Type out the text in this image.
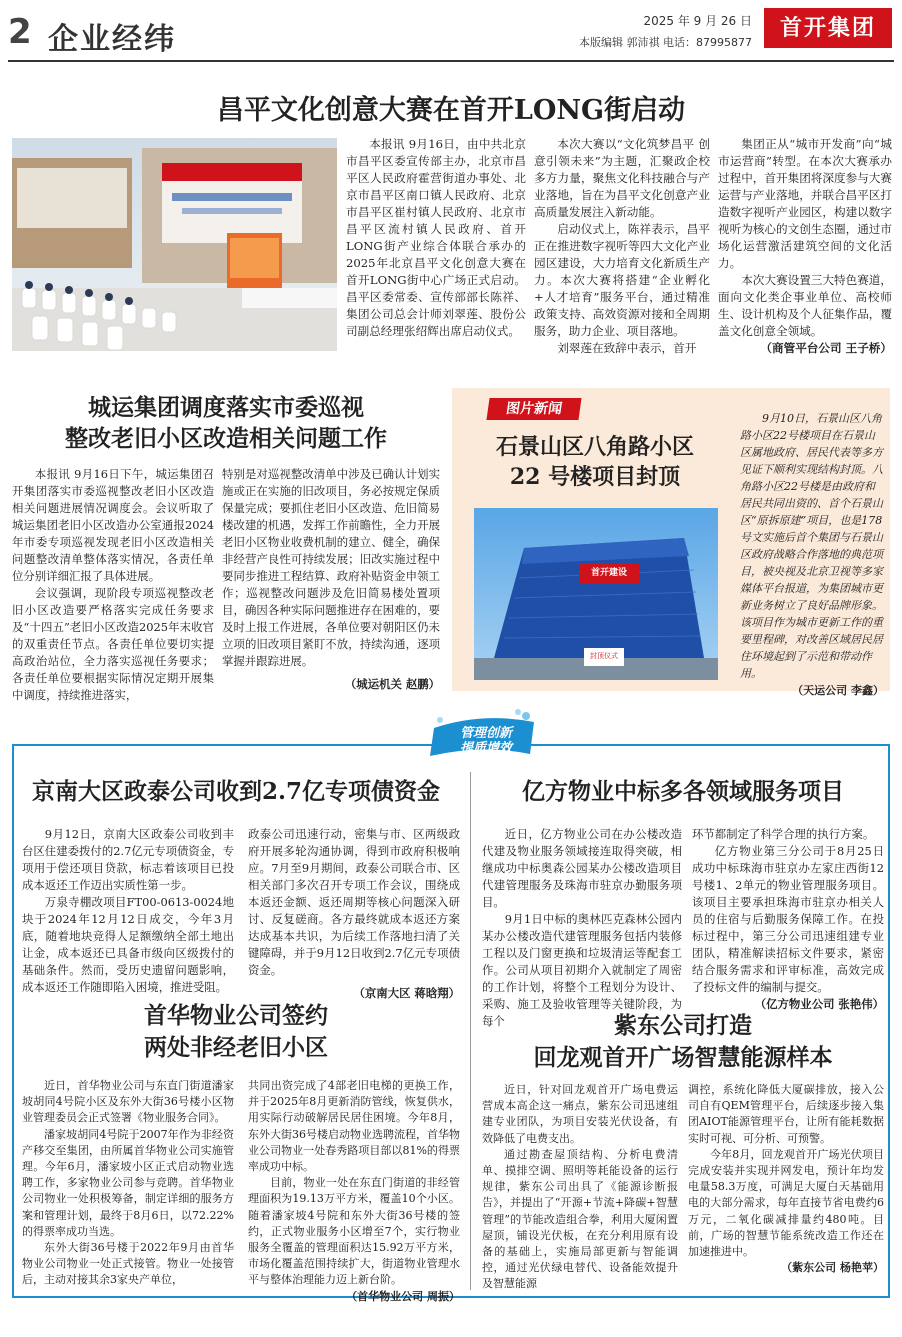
2 企业经纬
2025 年 9 月 26 日
本版编辑 郭沛祺 电话：87995877
首开集团
昌平文化创意大赛在首开LONG街启动

本报讯 9月16日，由中共北京市昌平区委宣传部主办，北京市昌平区人民政府霍营街道办事处、北京市昌平区南口镇人民政府、北京市昌平区崔村镇人民政府、北京市昌平区流村镇人民政府、首开LONG街产业综合体联合承办的2025年北京昌平文化创意大赛在首开LONG街中心广场正式启动。昌平区委常委、宣传部部长陈祥、集团公司总会计师刘翠莲、股份公司副总经理张绍辉出席启动仪式。

本次大赛以“文化筑梦昌平 创意引领未来”为主题，汇聚政企校多方力量，聚焦文化科技融合与产业落地，旨在为昌平文化创意产业高质量发展注入新动能。

启动仪式上，陈祥表示，昌平正在推进数字视听等四大文化产业园区建设，大力培育文化新质生产力。本次大赛将搭建“企业孵化+人才培育”服务平台，通过精准政策支持、高效资源对接和全周期服务，助力企业、项目落地。

刘翠莲在致辞中表示，首开

集团正从“城市开发商”向“城市运营商”转型。在本次大赛承办过程中，首开集团将深度参与大赛运营与产业落地，并联合昌平区打造数字视听产业园区，构建以数字视听为核心的文创生态圈，通过市场化运营激活建筑空间的文化活力。

本次大赛设置三大特色赛道，面向文化类企事业单位、高校师生、设计机构及个人征集作品，覆盖文化创意全领域。

（商管平台公司 王子桥）
城运集团调度落实市委巡视
整改老旧小区改造相关问题工作

本报讯 9月16日下午，城运集团召开集团落实市委巡视整改老旧小区改造相关问题进展情况调度会。会议听取了城运集团老旧小区改造办公室通报2024年市委专项巡视发现老旧小区改造相关问题整改清单整体落实情况，各责任单位分别详细汇报了具体进展。

会议强调，现阶段专项巡视整改老旧小区改造要严格落实完成任务要求及“十四五”老旧小区改造2025年末收官的双重责任节点。各责任单位要切实提高政治站位，全力落实巡视任务要求；各责任单位要根据实际情况定期开展集中调度，持续推进落实，

特别是对巡视整改清单中涉及已确认计划实施或正在实施的旧改项目，务必按规定保质保量完成；要抓住老旧小区改造、危旧简易楼改建的机遇，发挥工作前瞻性，全力开展老旧小区物业收费机制的建立、健全，确保非经营产良性可持续发展；旧改实施过程中要同步推进工程结算、政府补贴资金申领工作；巡视整改问题涉及危旧简易楼处置项目，确因各种实际问题推进存在困难的，要及时上报工作进展，各单位要对朝阳区仍未立项的旧改项目紧盯不放，持续沟通，逐项掌握并跟踪进展。

（城运机关 赵鹏）
图片新闻
石景山区八角路小区
22 号楼项目封顶
首开建设
封顶仪式

9月10日，石景山区八角路小区22号楼项目在石景山区属地政府、居民代表等多方见证下顺利实现结构封顶。八角路小区22号楼是由政府和居民共同出资的、首个石景山区“原拆原建”项目，也是178号文实施后首个集团与石景山区政府战略合作落地的典范项目，被央视及北京卫视等多家媒体平台报道，为集团城市更新业务树立了良好品牌形象。该项目作为城市更新工作的重要里程碑，对改善区域居民居住环境起到了示范和带动作用。

（天运公司 李鑫）
管理创新
提质增效
京南大区政泰公司收到2.7亿专项债资金

9月12日，京南大区政泰公司收到丰台区住建委拨付的2.7亿元专项债资金，专项用于偿还项目贷款，标志着该项目已投成本返还工作迈出实质性第一步。

万泉寺棚改项目FT00-0613-0024地块于2024年12月12日成交，今年3月底，随着地块竞得人足额缴纳全部土地出让金，成本返还已具备市级向区级拨付的基础条件。然而，受历史遗留问题影响，成本返还工作随即陷入困境，推进受阻。

政泰公司迅速行动，密集与市、区两级政府开展多轮沟通协调，得到市政府积极响应。7月至9月期间，政泰公司联合市、区相关部门多次召开专项工作会议，围绕成本返还金额、返还周期等核心问题深入研讨、反复磋商。各方最终就成本返还方案达成基本共识，为后续工作落地扫清了关键障碍，并于9月12日收到2.7亿元专项债资金。

（京南大区 蒋晗翔）
亿方物业中标多各领域服务项目

近日，亿方物业公司在办公楼改造代建及物业服务领域接连取得突破，相继成功中标奥森公园某办公楼改造项目代建管理服务及珠海市驻京办勤服务项目。

9月1日中标的奥林匹克森林公园内某办公楼改造代建管理服务包括内装修工程以及门窗更换和垃圾清运等配套工作。公司从项目初期介入就制定了周密的工作计划，将整个工程划分为设计、采购、施工及验收管理等关键阶段，为每个

环节都制定了科学合理的执行方案。

亿方物业第三分公司于8月25日成功中标珠海市驻京办左家庄西街12号楼1、2单元的物业管理服务项目。该项目主要承担珠海市驻京办相关人员的住宿与后勤服务保障工作。在投标过程中，第三分公司迅速组建专业团队，精准解读招标文件要求，紧密结合服务需求和评审标准，高效完成了投标文件的编制与提交。

（亿方物业公司 张艳伟）
首华物业公司签约
两处非经老旧小区

近日，首华物业公司与东直门街道潘家坡胡同4号院小区及东外大街36号楼小区物业管理委员会正式签署《物业服务合同》。

潘家坡胡同4号院于2007年作为非经资产移交至集团，由所属首华物业公司实施管理。今年6月，潘家坡小区正式启动物业选聘工作，多家物业公司参与竞聘。首华物业公司物业一处积极筹备，制定详细的服务方案和管理计划，最终于8月6日，以72.22%的得票率成功当选。

东外大街36号楼于2022年9月由首华物业公司物业一处正式接管。物业一处接管后，主动对接其余3家央产单位，

共同出资完成了4部老旧电梯的更换工作，并于2025年8月更新消防管线，恢复供水，用实际行动破解居民居住困境。今年8月，东外大街36号楼启动物业选聘流程，首华物业公司物业一处春秀路项目部以81%的得票率成功中标。

目前，物业一处在东直门街道的非经管理面积为19.13万平方米，覆盖10个小区。随着潘家坡4号院和东外大街36号楼的签约，正式物业服务小区增至7个，实行物业服务全覆盖的管理面积达15.92万平方米，市场化覆盖范围持续扩大，街道物业管理水平与整体治理能力迈上新台阶。

（首华物业公司 周振）
紫东公司打造
回龙观首开广场智慧能源样本

近日，针对回龙观首开广场电费运营成本高企这一痛点，紫东公司迅速组建专业团队，为项目安装光伏设备，有效降低了电费支出。

通过勘查屋顶结构、分析电费清单、摸排空调、照明等耗能设备的运行规律，紫东公司出具了《能源诊断报告》，并提出了“开源+节流+降碳+智慧管理”的节能改造组合拳，利用大厦闲置屋顶，铺设光伏板，在充分利用原有设备的基础上，实施局部更新与智能调控，通过光伏绿电替代、设备能效提升及智慧能源

调控，系统化降低大厦碳排放，接入公司自有QEM管理平台，后续逐步接入集团AIOT能源管理平台，让所有能耗数据实时可视、可分析、可预警。

今年8月，回龙观首开广场光伏项目完成安装并实现并网发电，预计年均发电量58.3万度，可满足大厦白天基础用电的大部分需求，每年直接节省电费约6万元，二氧化碳减排量约480吨。目前，广场的智慧节能系统改造工作还在加速推进中。

（紫东公司 杨艳苹）
